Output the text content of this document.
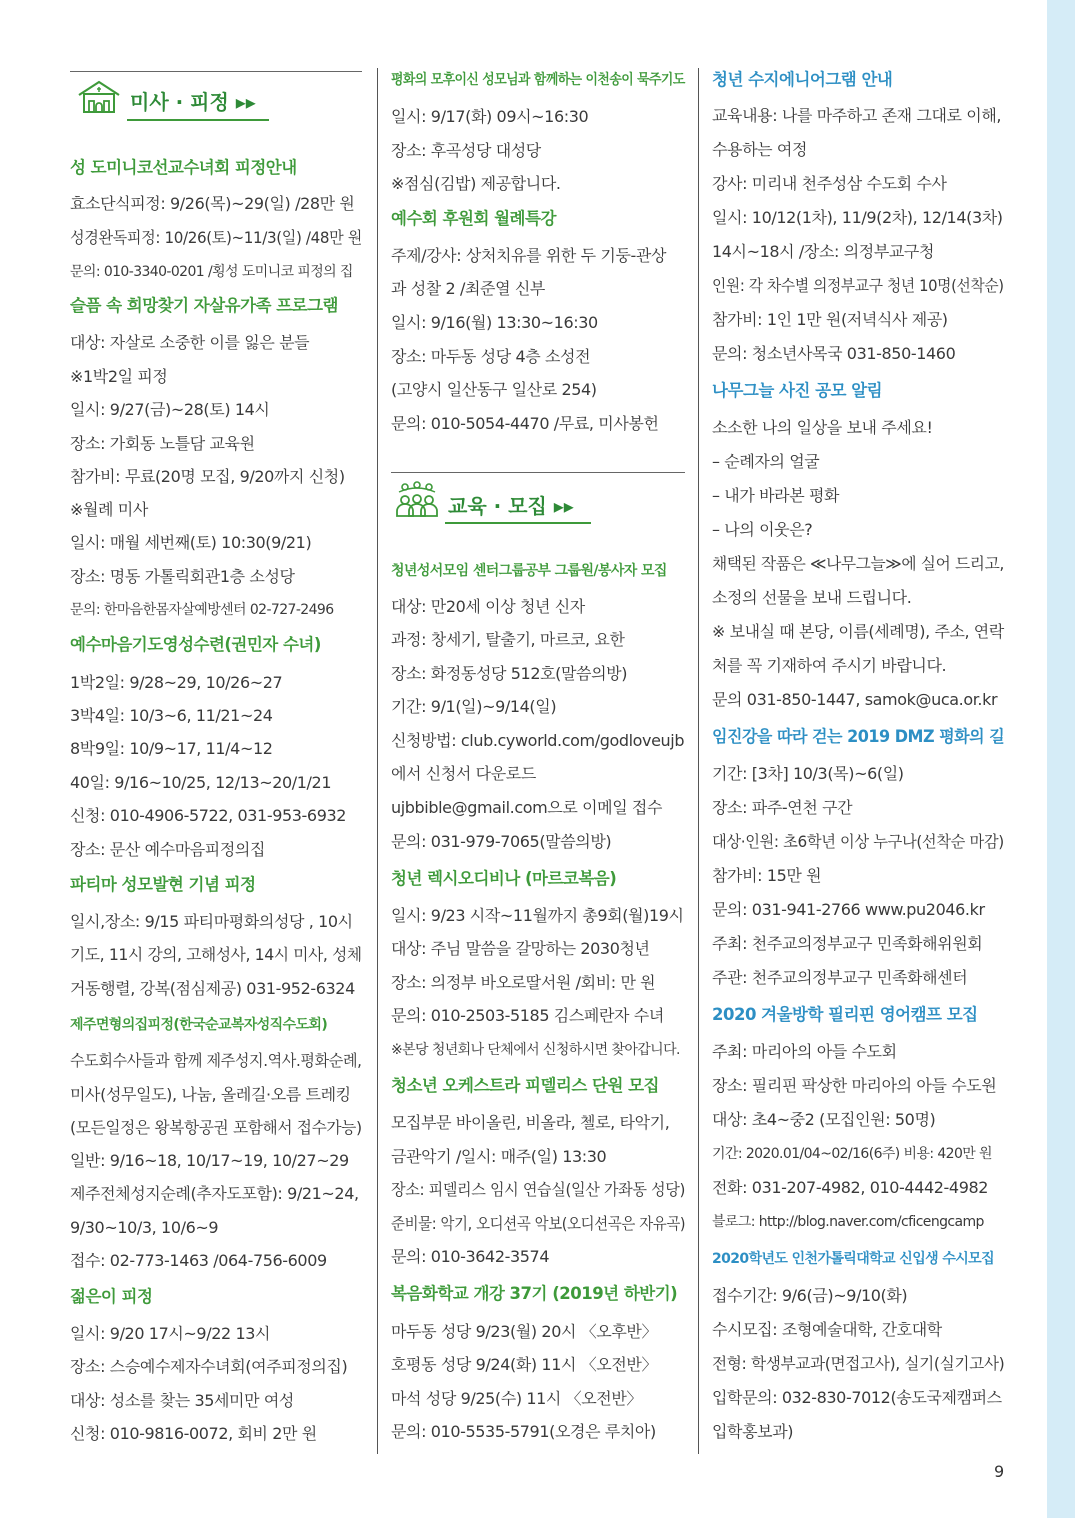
미사 · 피정 ▸▸
성 도미니코선교수녀회 피정안내
효소단식피정: 9/26(목)~29(일) /28만 원
성경완독피정: 10/26(토)~11/3(일) /48만 원
문의: 010-3340-0201 /횡성 도미니코 피정의 집
슬픔 속 희망찾기 자살유가족 프로그램
대상: 자살로 소중한 이를 잃은 분들
※1박2일 피정
일시: 9/27(금)~28(토) 14시
장소: 가회동 노틀담 교육원
참가비: 무료(20명 모집, 9/20까지 신청)
※월례 미사
일시: 매월 세번째(토) 10:30(9/21)
장소: 명동 가톨릭회관1층 소성당
문의: 한마음한몸자살예방센터 02-727-2496
예수마음기도영성수련(권민자 수녀)
1박2일: 9/28~29, 10/26~27
3박4일: 10/3~6, 11/21~24
8박9일: 10/9~17, 11/4~12
40일: 9/16~10/25, 12/13~20/1/21
신청: 010-4906-5722, 031-953-6932
장소: 문산 예수마음피정의집
파티마 성모발현 기념 피정
일시,장소: 9/15 파티마평화의성당 , 10시
기도, 11시 강의, 고해성사, 14시 미사, 성체
거동행렬, 강복(점심제공) 031-952-6324
제주면형의집피정(한국순교복자성직수도회)
수도회수사들과 함께 제주성지.역사.평화순례,
미사(성무일도), 나눔, 올레길·오름 트레킹
(모든일정은 왕복항공권 포함해서 접수가능)
일반: 9/16~18, 10/17~19, 10/27~29
제주전체성지순례(추자도포함): 9/21~24,
9/30~10/3, 10/6~9
접수: 02-773-1463 /064-756-6009
젊은이 피정
일시: 9/20 17시~9/22 13시
장소: 스승예수제자수녀회(여주피정의집)
대상: 성소를 찾는 35세미만 여성
신청: 010-9816-0072, 회비 2만 원
평화의 모후이신 성모님과 함께하는 이천송이 묵주기도
일시: 9/17(화) 09시~16:30
장소: 후곡성당 대성당
※점심(김밥) 제공합니다.
예수회 후원회 월례특강
주제/강사: 상처치유를 위한 두 기둥-관상
과 성찰 2 /최준열 신부
일시: 9/16(월) 13:30~16:30
장소: 마두동 성당 4층 소성전
(고양시 일산동구 일산로 254)
문의: 010-5054-4470 /무료, 미사봉헌
청년성서모임 센터그룹공부 그룹원/봉사자 모집
대상: 만20세 이상 청년 신자
과정: 창세기, 탈출기, 마르코, 요한
장소: 화정동성당 512호(말씀의방)
기간: 9/1(일)~9/14(일)
신청방법: club.cyworld.com/godloveujb
에서 신청서 다운로드
ujbbible@gmail.com으로 이메일 접수
문의: 031-979-7065(말씀의방)
청년 렉시오디비나 (마르코복음)
일시: 9/23 시작~11월까지 총9회(월)19시
대상: 주님 말씀을 갈망하는 2030청년
장소: 의정부 바오로딸서원 /회비: 만 원
문의: 010-2503-5185 김스페란자 수녀
※본당 청년회나 단체에서 신청하시면 찾아갑니다.
청소년 오케스트라 피델리스 단원 모집
모집부문 바이올린, 비올라, 첼로, 타악기,
금관악기 /일시: 매주(일) 13:30
장소: 피델리스 임시 연습실(일산 가좌동 성당)
준비물: 악기, 오디션곡 악보(오디션곡은 자유곡)
문의: 010-3642-3574
복음화학교 개강 37기 (2019년 하반기)
마두동 성당 9/23(월) 20시 〈오후반〉
호평동 성당 9/24(화) 11시 〈오전반〉
마석 성당 9/25(수) 11시 〈오전반〉
문의: 010-5535-5791(오경은 루치아)
교육 · 모집 ▸▸
청년 수지에니어그램 안내
교육내용: 나를 마주하고 존재 그대로 이해,
수용하는 여정
강사: 미리내 천주성삼 수도회 수사
일시: 10/12(1차), 11/9(2차), 12/14(3차)
14시~18시 /장소: 의정부교구청
인원: 각 차수별 의정부교구 청년 10명(선착순)
참가비: 1인 1만 원(저녁식사 제공)
문의: 청소년사목국 031-850-1460
나무그늘 사진 공모 알림
소소한 나의 일상을 보내 주세요!
– 순례자의 얼굴
– 내가 바라본 평화
– 나의 이웃은?
채택된 작품은 ≪나무그늘≫에 실어 드리고,
소정의 선물을 보내 드립니다.
※ 보내실 때 본당, 이름(세례명), 주소, 연락
처를 꼭 기재하여 주시기 바랍니다.
문의 031-850-1447, samok@uca.or.kr
임진강을 따라 걷는 2019 DMZ 평화의 길
기간: [3차] 10/3(목)~6(일)
장소: 파주-연천 구간
대상·인원: 초6학년 이상 누구나(선착순 마감)
참가비: 15만 원
문의: 031-941-2766 www.pu2046.kr
주최: 천주교의정부교구 민족화해위원회
주관: 천주교의정부교구 민족화해센터
2020 겨울방학 필리핀 영어캠프 모집
주최: 마리아의 아들 수도회
장소: 필리핀 팍상한 마리아의 아들 수도원
대상: 초4~중2 (모집인원: 50명)
기간: 2020.01/04~02/16(6주) 비용: 420만 원
전화: 031-207-4982, 010-4442-4982
블로그: http://blog.naver.com/cficengcamp
2020학년도 인천가톨릭대학교 신입생 수시모집
접수기간: 9/6(금)~9/10(화)
수시모집: 조형예술대학, 간호대학
전형: 학생부교과(면접고사), 실기(실기고사)
입학문의: 032-830-7012(송도국제캠퍼스
입학홍보과)
9
